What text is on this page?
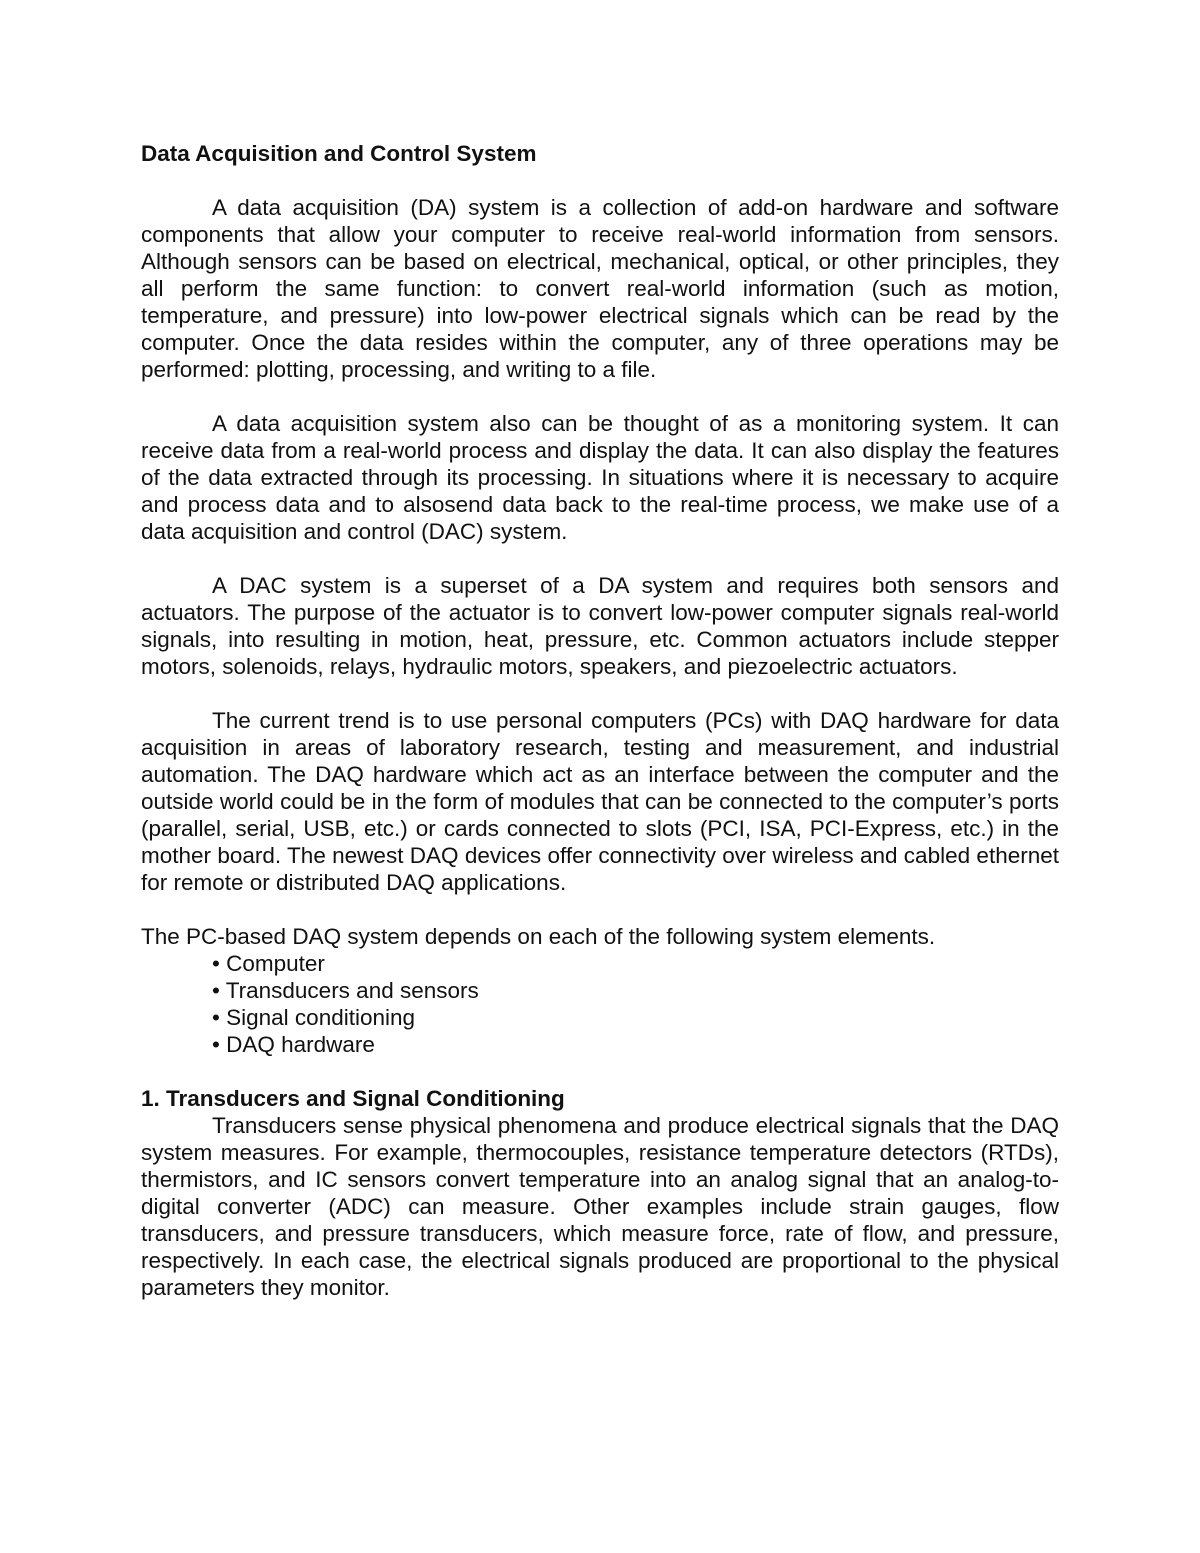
Data Acquisition and Control System

A data acquisition (DA) system is a collection of add-on hardware and software components that allow your computer to receive real-world information from sensors. Although sensors can be based on electrical, mechanical, optical, or other principles, they all perform the same function: to convert real-world information (such as motion, temperature, and pressure) into low-power electrical signals which can be read by the computer. Once the data resides within the computer, any of three operations may be performed: plotting, processing, and writing to a file.

A data acquisition system also can be thought of as a monitoring system. It can receive data from a real-world process and display the data. It can also display the features of the data extracted through its processing. In situations where it is necessary to acquire and process data and to alsosend data back to the real-time process, we make use of a data acquisition and control (DAC) system.

A DAC system is a superset of a DA system and requires both sensors and actuators. The purpose of the actuator is to convert low-power computer signals real-world signals, into resulting in motion, heat, pressure, etc. Common actuators include stepper motors, solenoids, relays, hydraulic motors, speakers, and piezoelectric actuators.

The current trend is to use personal computers (PCs) with DAQ hardware for data acquisition in areas of laboratory research, testing and measurement, and industrial automation. The DAQ hardware which act as an interface between the computer and the outside world could be in the form of modules that can be connected to the computer’s ports (parallel, serial, USB, etc.) or cards connected to slots (PCI, ISA, PCI-Express, etc.) in the mother board. The newest DAQ devices offer connectivity over wireless and cabled ethernet for remote or distributed DAQ applications.

The PC-based DAQ system depends on each of the following system elements.

• Computer
• Transducers and sensors
• Signal conditioning
• DAQ hardware
1. Transducers and Signal Conditioning

Transducers sense physical phenomena and produce electrical signals that the DAQ system measures. For example, thermocouples, resistance temperature detectors (RTDs), thermistors, and IC sensors convert temperature into an analog signal that an analog-to-digital converter (ADC) can measure. Other examples include strain gauges, flow transducers, and pressure transducers, which measure force, rate of flow, and pressure, respectively. In each case, the electrical signals produced are proportional to the physical parameters they monitor.
